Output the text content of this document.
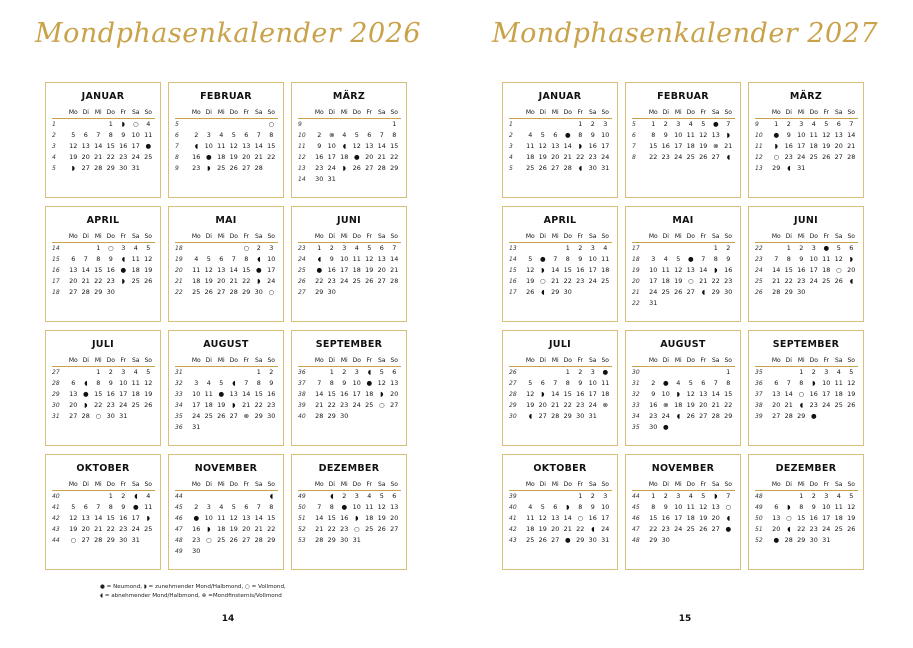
Mondphasenkalender 2026
JANUAR
	Mo	Di	Mi	Do	Fr	Sa	So
1				1	◗	○	4
2	5	6	7	8	9	10	11
3	12	13	14	15	16	17	●
4	19	20	21	22	23	24	25
5	◗	27	28	29	30	31	
FEBRUAR
	Mo	Di	Mi	Do	Fr	Sa	So
5							○
6	2	3	4	5	6	7	8
7	◖	10	11	12	13	14	15
8	16	●	18	19	20	21	22
9	23	◗	25	26	27	28	
MÄRZ
	Mo	Di	Mi	Do	Fr	Sa	So
9							1
10	2	⊗	4	5	6	7	8
11	9	10	◖	12	13	14	15
12	16	17	18	●	20	21	22
13	23	24	◗	26	27	28	29
14	30	31					
APRIL
	Mo	Di	Mi	Do	Fr	Sa	So
14			1	○	3	4	5
15	6	7	8	9	◖	11	12
16	13	14	15	16	●	18	19
17	20	21	22	23	◗	25	26
18	27	28	29	30			
MAI
	Mo	Di	Mi	Do	Fr	Sa	So
18					○	2	3
19	4	5	6	7	8	◖	10
20	11	12	13	14	15	●	17
21	18	19	20	21	22	◗	24
22	25	26	27	28	29	30	○
JUNI
	Mo	Di	Mi	Do	Fr	Sa	So
23	1	2	3	4	5	6	7
24	◖	9	10	11	12	13	14
25	●	16	17	18	19	20	21
26	22	23	24	25	26	27	28
27	29	30					
JULI
	Mo	Di	Mi	Do	Fr	Sa	So
27			1	2	3	4	5
28	6	◖	8	9	10	11	12
29	13	●	15	16	17	18	19
30	20	◗	22	23	24	25	26
31	27	28	○	30	31		
AUGUST
	Mo	Di	Mi	Do	Fr	Sa	So
31						1	2
32	3	4	5	◖	7	8	9
33	10	11	●	13	14	15	16
34	17	18	19	◗	21	22	23
35	24	25	26	27	⊗	29	30
36	31						
SEPTEMBER
	Mo	Di	Mi	Do	Fr	Sa	So
36		1	2	3	◖	5	6
37	7	8	9	10	●	12	13
38	14	15	16	17	18	◗	20
39	21	22	23	24	25	○	27
40	28	29	30				
OKTOBER
	Mo	Di	Mi	Do	Fr	Sa	So
40				1	2	◖	4
41	5	6	7	8	9	●	11
42	12	13	14	15	16	17	◗
43	19	20	21	22	23	24	25
44	○	27	28	29	30	31	
NOVEMBER
	Mo	Di	Mi	Do	Fr	Sa	So
44							◖
45	2	3	4	5	6	7	8
46	●	10	11	12	13	14	15
47	16	◗	18	19	20	21	22
48	23	○	25	26	27	28	29
49	30						
DEZEMBER
	Mo	Di	Mi	Do	Fr	Sa	So
49		◖	2	3	4	5	6
50	7	8	●	10	11	12	13
51	14	15	16	◗	18	19	20
52	21	22	23	○	25	26	27
53	28	29	30	31			
● = Neumond, ◗ = zunehmender Mond/Halbmond, ○ = Vollmond,
◖ = abnehmender Mond/Halbmond, ⊗ =Mondfinsternis/Vollmond
14
Mondphasenkalender 2027
JANUAR
	Mo	Di	Mi	Do	Fr	Sa	So
1					1	2	3
2	4	5	6	●	8	9	10
3	11	12	13	14	◗	16	17
4	18	19	20	21	22	23	24
5	25	26	27	28	◖	30	31
FEBRUAR
	Mo	Di	Mi	Do	Fr	Sa	So
5	1	2	3	4	5	●	7
6	8	9	10	11	12	13	◗
7	15	16	17	18	19	⊗	21
8	22	23	24	25	26	27	◖
MÄRZ
	Mo	Di	Mi	Do	Fr	Sa	So
9	1	2	3	4	5	6	7
10	●	9	10	11	12	13	14
11	◗	16	17	18	19	20	21
12	○	23	24	25	26	27	28
13	29	◖	31				
APRIL
	Mo	Di	Mi	Do	Fr	Sa	So
13				1	2	3	4
14	5	●	7	8	9	10	11
15	12	◗	14	15	16	17	18
16	19	○	21	22	23	24	25
17	26	◖	29	30			
MAI
	Mo	Di	Mi	Do	Fr	Sa	So
17						1	2
18	3	4	5	●	7	8	9
19	10	11	12	13	14	◗	16
20	17	18	19	○	21	22	23
21	24	25	26	27	◖	29	30
22	31						
JUNI
	Mo	Di	Mi	Do	Fr	Sa	So
22		1	2	3	●	5	6
23	7	8	9	10	11	12	◗
24	14	15	16	17	18	○	20
25	21	22	23	24	25	26	◖
26	28	29	30				
JULI
	Mo	Di	Mi	Do	Fr	Sa	So
26				1	2	3	●
27	5	6	7	8	9	10	11
28	12	◗	14	15	16	17	18
29	19	20	21	22	23	24	⊗
30	◖	27	28	29	30	31	
AUGUST
	Mo	Di	Mi	Do	Fr	Sa	So
30							1
31	2	●	4	5	6	7	8
32	9	10	◗	12	13	14	15
33	16	⊗	18	19	20	21	22
34	23	24	◖	26	27	28	29
35	30	●					
SEPTEMBER
	Mo	Di	Mi	Do	Fr	Sa	So
35			1	2	3	4	5
36	6	7	8	◗	10	11	12
37	13	14	○	16	17	18	19
38	20	21	◖	23	24	25	26
39	27	28	29	●			
OKTOBER
	Mo	Di	Mi	Do	Fr	Sa	So
39					1	2	3
40	4	5	6	◗	8	9	10
41	11	12	13	14	○	16	17
42	18	19	20	21	22	◖	24
43	25	26	27	●	29	30	31
NOVEMBER
	Mo	Di	Mi	Do	Fr	Sa	So
44	1	2	3	4	5	◗	7
45	8	9	10	11	12	13	○
46	15	16	17	18	19	20	◖
47	22	23	24	25	26	27	●
48	29	30					
DEZEMBER
	Mo	Di	Mi	Do	Fr	Sa	So
48			1	2	3	4	5
49	6	◗	8	9	10	11	12
50	13	○	15	16	17	18	19
51	20	◖	22	23	24	25	26
52	●	28	29	30	31		
15
